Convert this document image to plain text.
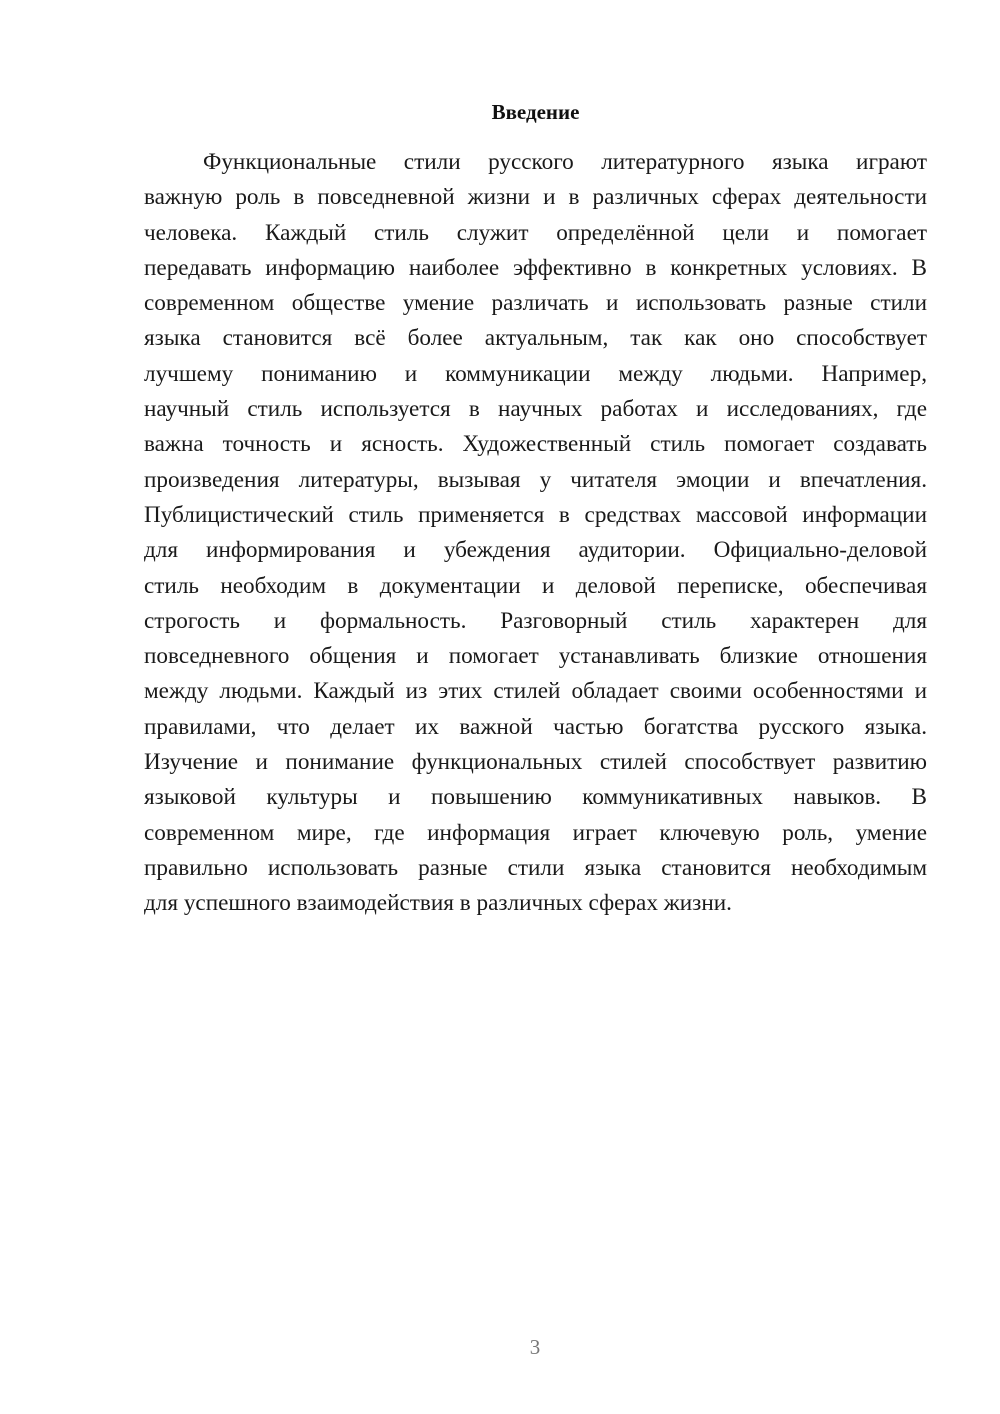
Введение
Функциональные стили русского литературного языка играют
важную роль в повседневной жизни и в различных сферах деятельности
человека. Каждый стиль служит определённой цели и помогает
передавать информацию наиболее эффективно в конкретных условиях. В
современном обществе умение различать и использовать разные стили
языка становится всё более актуальным, так как оно способствует
лучшему пониманию и коммуникации между людьми. Например,
научный стиль используется в научных работах и исследованиях, где
важна точность и ясность. Художественный стиль помогает создавать
произведения литературы, вызывая у читателя эмоции и впечатления.
Публицистический стиль применяется в средствах массовой информации
для информирования и убеждения аудитории. Официально-деловой
стиль необходим в документации и деловой переписке, обеспечивая
строгость и формальность. Разговорный стиль характерен для
повседневного общения и помогает устанавливать близкие отношения
между людьми. Каждый из этих стилей обладает своими особенностями и
правилами, что делает их важной частью богатства русского языка.
Изучение и понимание функциональных стилей способствует развитию
языковой культуры и повышению коммуникативных навыков. В
современном мире, где информация играет ключевую роль, умение
правильно использовать разные стили языка становится необходимым
для успешного взаимодействия в различных сферах жизни.
3
